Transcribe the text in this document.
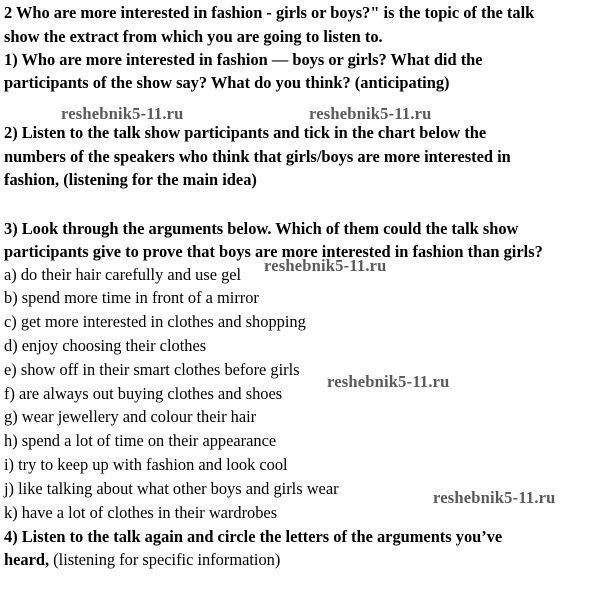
2 Who are more interested in fashion - girls or boys?" is the topic of the talk
show the extract from which you are going to listen to.
1) Who are more interested in fashion — boys or girls? What did the
participants of the show say? What do you think? (anticipating)
reshebnik5-11.ru	reshebnik5-11.ru
2) Listen to the talk show participants and tick in the chart below the
numbers of the speakers who think that girls/boys are more interested in
fashion, (listening for the main idea)
3) Look through the arguments below. Which of them could the talk show
participants give to prove that boys are more interested in fashion than girls?
a) do their hair carefully and use gel reshebnik5-11.ru
b) spend more time in front of a mirror
c) get more interested in clothes and shopping
d) enjoy choosing their clothes
e) show off in their smart clothes before girls
reshebnik5-11.ru
f) are always out buying clothes and shoes
g) wear jewellery and colour their hair
h) spend a lot of time on their appearance
i) try to keep up with fashion and look cool
j) like talking about what other boys and girls wear	reshebnik5-11.ru
k) have a lot of clothes in their wardrobes
4) Listen to the talk again and circle the letters of the arguments you’ve
heard, (listening for specific information)
